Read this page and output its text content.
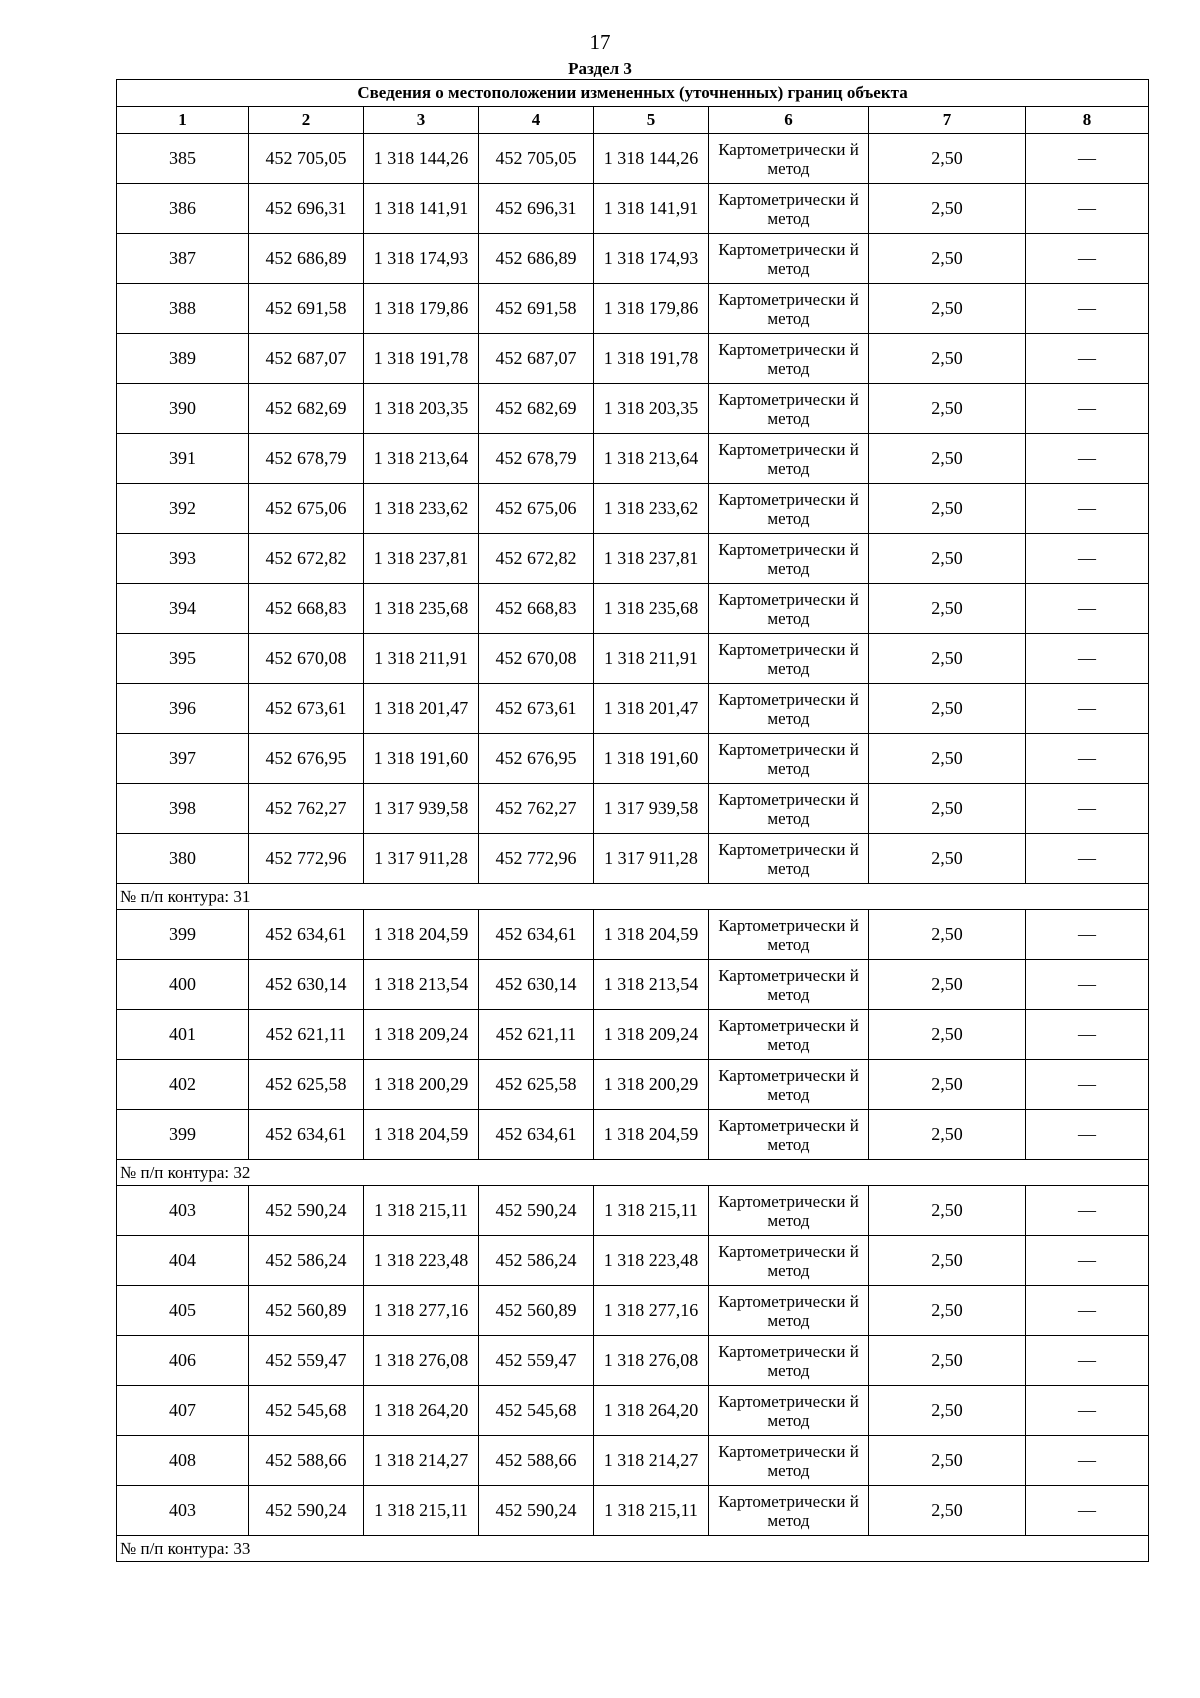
17
Раздел 3
Сведения о местоположении измененных (уточненных) границ объекта							
1	2	3	4	5	6	7	8
385	452 705,05	1 318 144,26	452 705,05	1 318 144,26	Картометрически й метод	2,50	—
386	452 696,31	1 318 141,91	452 696,31	1 318 141,91	Картометрически й метод	2,50	—
387	452 686,89	1 318 174,93	452 686,89	1 318 174,93	Картометрически й метод	2,50	—
388	452 691,58	1 318 179,86	452 691,58	1 318 179,86	Картометрически й метод	2,50	—
389	452 687,07	1 318 191,78	452 687,07	1 318 191,78	Картометрически й метод	2,50	—
390	452 682,69	1 318 203,35	452 682,69	1 318 203,35	Картометрически й метод	2,50	—
391	452 678,79	1 318 213,64	452 678,79	1 318 213,64	Картометрически й метод	2,50	—
392	452 675,06	1 318 233,62	452 675,06	1 318 233,62	Картометрически й метод	2,50	—
393	452 672,82	1 318 237,81	452 672,82	1 318 237,81	Картометрически й метод	2,50	—
394	452 668,83	1 318 235,68	452 668,83	1 318 235,68	Картометрически й метод	2,50	—
395	452 670,08	1 318 211,91	452 670,08	1 318 211,91	Картометрически й метод	2,50	—
396	452 673,61	1 318 201,47	452 673,61	1 318 201,47	Картометрически й метод	2,50	—
397	452 676,95	1 318 191,60	452 676,95	1 318 191,60	Картометрически й метод	2,50	—
398	452 762,27	1 317 939,58	452 762,27	1 317 939,58	Картометрически й метод	2,50	—
380	452 772,96	1 317 911,28	452 772,96	1 317 911,28	Картометрически й метод	2,50	—
№ п/п контура: 31							
399	452 634,61	1 318 204,59	452 634,61	1 318 204,59	Картометрически й метод	2,50	—
400	452 630,14	1 318 213,54	452 630,14	1 318 213,54	Картометрически й метод	2,50	—
401	452 621,11	1 318 209,24	452 621,11	1 318 209,24	Картометрически й метод	2,50	—
402	452 625,58	1 318 200,29	452 625,58	1 318 200,29	Картометрически й метод	2,50	—
399	452 634,61	1 318 204,59	452 634,61	1 318 204,59	Картометрически й метод	2,50	—
№ п/п контура: 32							
403	452 590,24	1 318 215,11	452 590,24	1 318 215,11	Картометрически й метод	2,50	—
404	452 586,24	1 318 223,48	452 586,24	1 318 223,48	Картометрически й метод	2,50	—
405	452 560,89	1 318 277,16	452 560,89	1 318 277,16	Картометрически й метод	2,50	—
406	452 559,47	1 318 276,08	452 559,47	1 318 276,08	Картометрически й метод	2,50	—
407	452 545,68	1 318 264,20	452 545,68	1 318 264,20	Картометрически й метод	2,50	—
408	452 588,66	1 318 214,27	452 588,66	1 318 214,27	Картометрически й метод	2,50	—
403	452 590,24	1 318 215,11	452 590,24	1 318 215,11	Картометрически й метод	2,50	—
№ п/п контура: 33							
